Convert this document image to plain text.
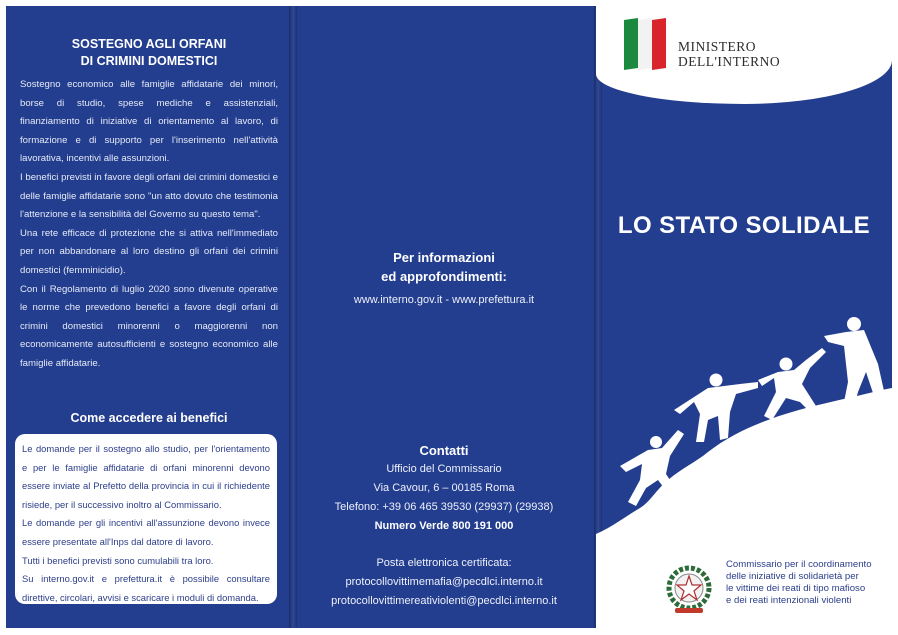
SOSTEGNO AGLI ORFANI
DI CRIMINI DOMESTICI

Sostegno economico alle famiglie affidatarie dei minori, borse di studio, spese mediche e assistenziali, finanziamento di iniziative di orientamento al lavoro, di formazione e di supporto per l'inserimento nell'attività lavorativa, incentivi alle assunzioni.

I benefici previsti in favore degli orfani dei crimini domestici e delle famiglie affidatarie sono "un atto dovuto che testimonia l'attenzione e la sensibilità del Governo su questo tema".

Una rete efficace di protezione che si attiva nell'immediato per non abbandonare al loro destino gli orfani dei crimini domestici (femminicidio).

Con il Regolamento di luglio 2020 sono divenute operative le norme che prevedono benefici a favore degli orfani di crimini domestici minorenni o maggiorenni non economicamente autosufficienti e sostegno economico alle famiglie affidatarie.

Come accedere ai benefici

Le domande per il sostegno allo studio, per l'orientamento e per le famiglie affidatarie di orfani minorenni devono essere inviate al Prefetto della provincia in cui il richiedente risiede, per il successivo inoltro al Commissario.

Le domande per gli incentivi all'assunzione devono invece essere presentate all'Inps dal datore di lavoro.

Tutti i benefici previsti sono cumulabili tra loro.

Su interno.gov.it e prefettura.it è possibile consultare direttive, circolari, avvisi e scaricare i moduli di domanda.

Per informazioni
ed approfondimenti:
www.interno.gov.it - www.prefettura.it
Contatti
Ufficio del Commissario
Via Cavour, 6 – 00185 Roma
Telefono: +39 06 465 39530 (29937) (29938)
Numero Verde 800 191 000
Posta elettronica certificata:
protocollovittimemafia@pecdlci.interno.it
protocollovittimereativiolenti@pecdlci.interno.it
MINISTERO
DELL'INTERNO
LO STATO SOLIDALE
Commissario per il coordinamento
delle iniziative di solidarietà per
le vittime dei reati di tipo mafioso
e dei reati intenzionali violenti
